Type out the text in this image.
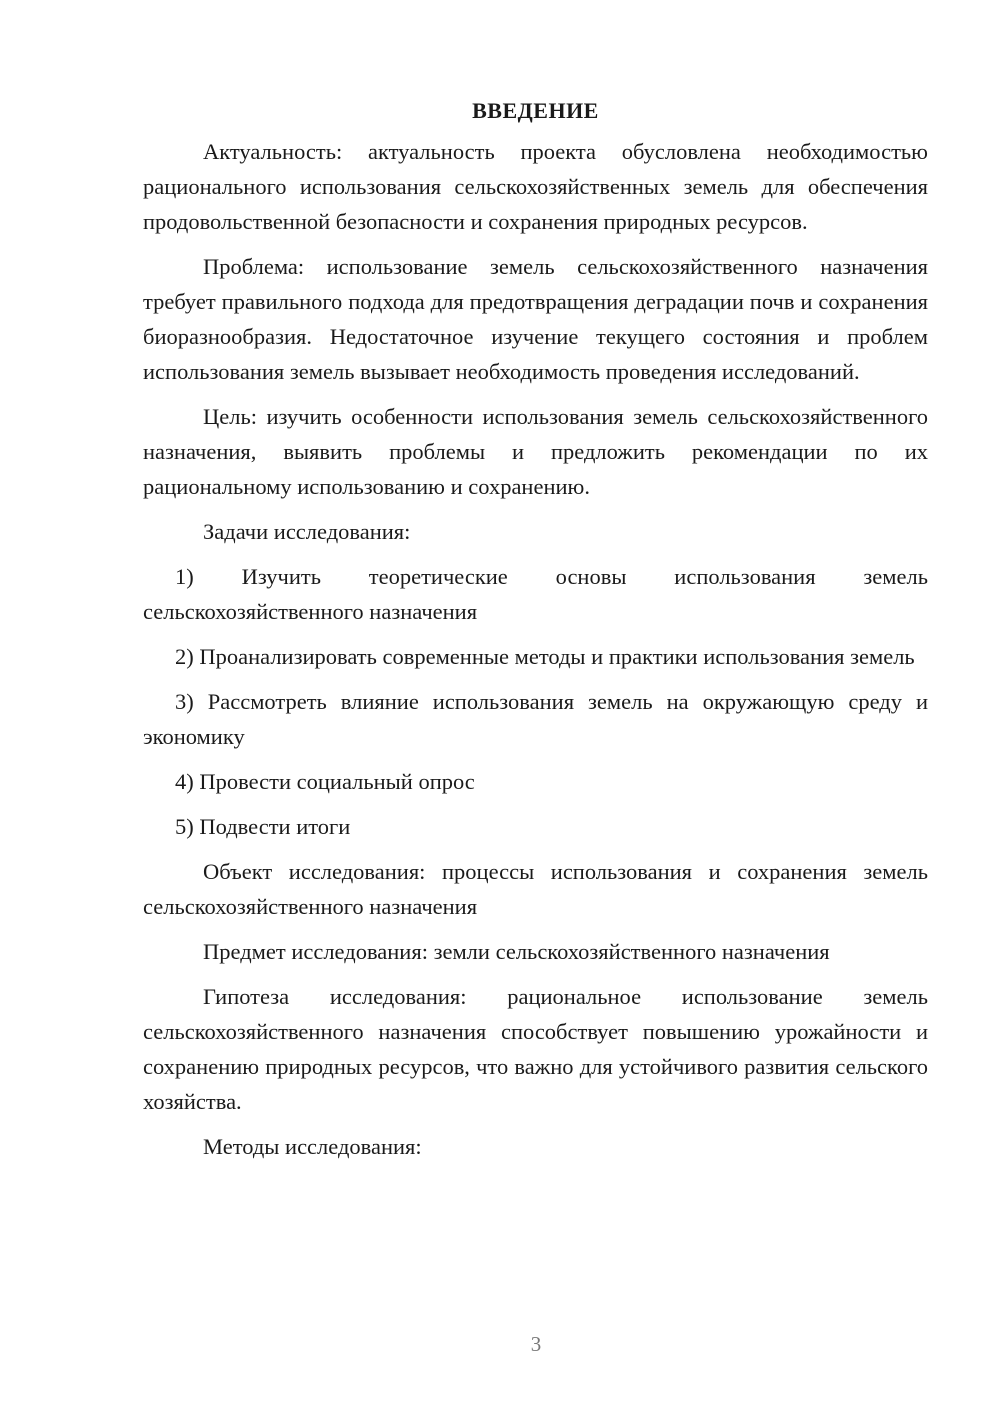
ВВЕДЕНИЕ

Актуальность: актуальность проекта обусловлена необходимостью рационального использования сельскохозяйственных земель для обеспечения продовольственной безопасности и сохранения природных ресурсов.

Проблема: использование земель сельскохозяйственного назначения требует правильного подхода для предотвращения деградации почв и сохранения биоразнообразия. Недостаточное изучение текущего состояния и проблем использования земель вызывает необходимость проведения исследований.

Цель: изучить особенности использования земель сельскохозяйственного назначения, выявить проблемы и предложить рекомендации по их рациональному использованию и сохранению.

Задачи исследования:

1) Изучить теоретические основы использования земель сельскохозяйственного назначения

2) Проанализировать современные методы и практики использования земель

3) Рассмотреть влияние использования земель на окружающую среду и экономику

4) Провести социальный опрос

5) Подвести итоги

Объект исследования: процессы использования и сохранения земель сельскохозяйственного назначения

Предмет исследования: земли сельскохозяйственного назначения

Гипотеза исследования: рациональное использование земель сельскохозяйственного назначения способствует повышению урожайности и сохранению природных ресурсов, что важно для устойчивого развития сельского хозяйства.

Методы исследования:

3
